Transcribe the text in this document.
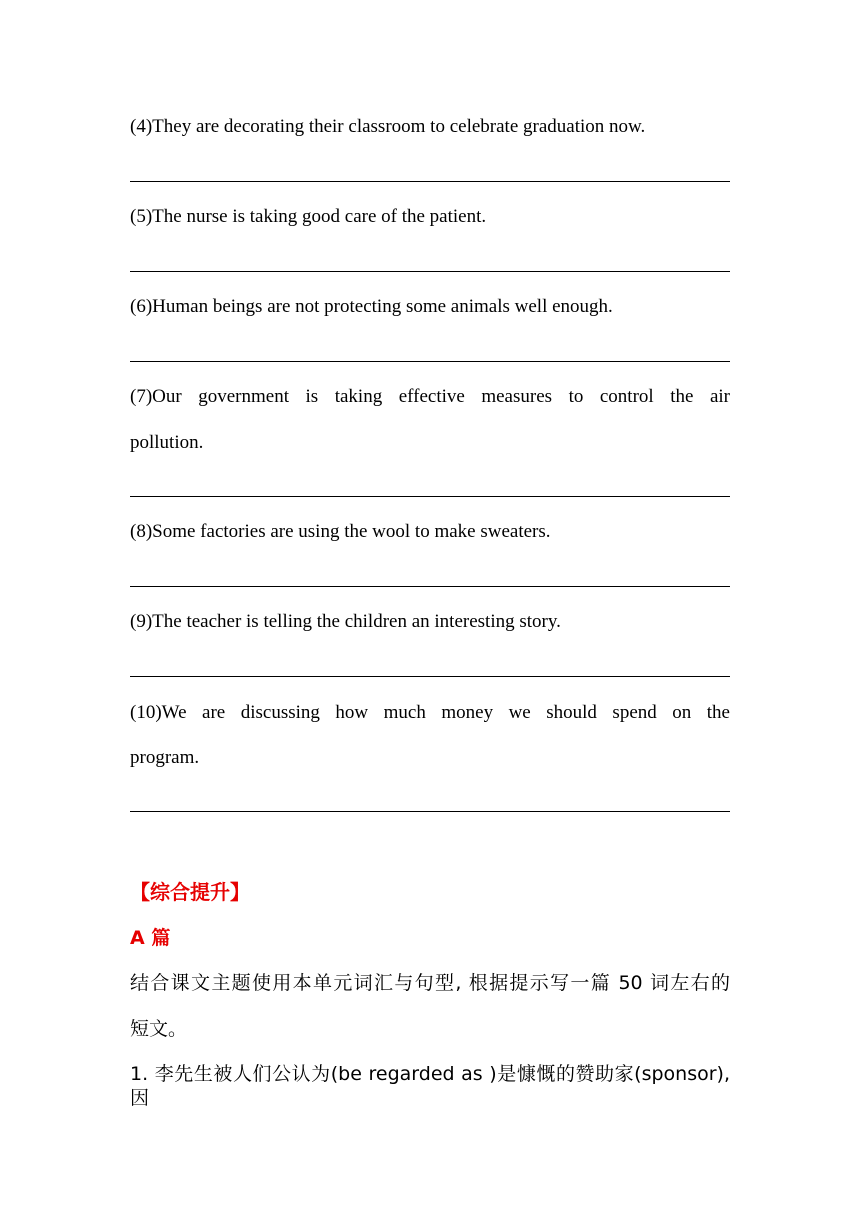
(4)They are decorating their classroom to celebrate graduation now.
(5)The nurse is taking good care of the patient.
(6)Human beings are not protecting some animals well enough.
(7)Our government is taking effective measures to control the air
pollution.
(8)Some factories are using the wool to make sweaters.
(9)The teacher is telling the children an interesting story.
(10)We are discussing how much money we should spend on the
program.
【综合提升】
A 篇
结合课文主题使用本单元词汇与句型, 根据提示写一篇 50 词左右的
短文。
1. 李先生被人们公认为(be regarded as )是慷慨的赞助家(sponsor), 因
